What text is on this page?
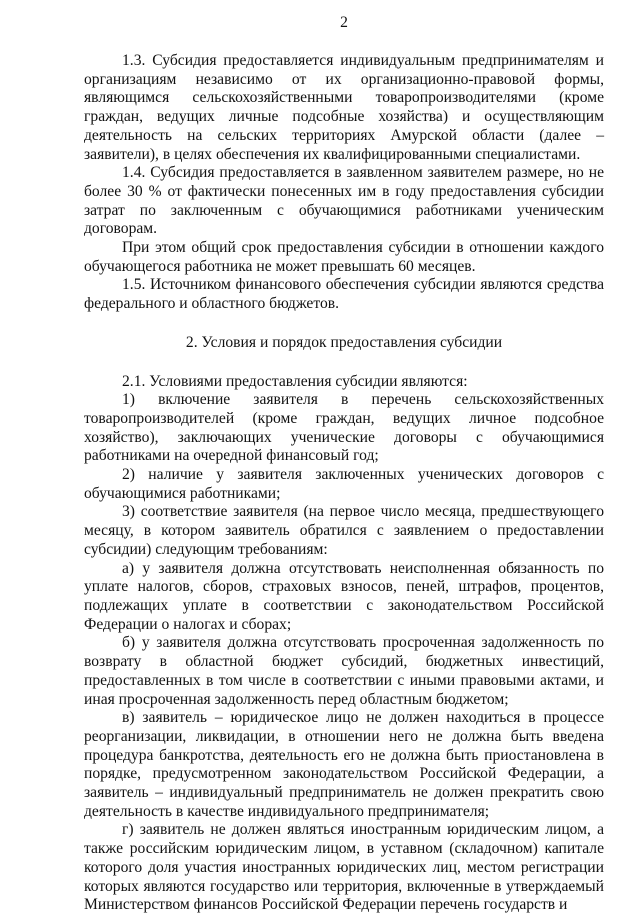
2

1.3. Субсидия предоставляется индивидуальным предпринимателям и организациям независимо от их организационно-правовой формы, являющимся сельскохозяйственными товаропроизводителями (кроме граждан, ведущих личные подсобные хозяйства) и осуществляющим деятельность на сельских территориях Амурской области (далее – заявители), в целях обеспечения их квалифицированными специалистами.

1.4. Субсидия предоставляется в заявленном заявителем размере, но не более 30 % от фактически понесенных им в году предоставления субсидии затрат по заключенным с обучающимися работниками ученическим договорам.

При этом общий срок предоставления субсидии в отношении каждого обучающегося работника не может превышать 60 месяцев.

1.5. Источником финансового обеспечения субсидии являются средства федерального и областного бюджетов.

2. Условия и порядок предоставления субсидии

2.1. Условиями предоставления субсидии являются:

1) включение заявителя в перечень сельскохозяйственных товаропроизводителей (кроме граждан, ведущих личное подсобное хозяйство), заключающих ученические договоры с обучающимися работниками на очередной финансовый год;

2) наличие у заявителя заключенных ученических договоров с обучающимися работниками;

3) соответствие заявителя (на первое число месяца, предшествующего месяцу, в котором заявитель обратился с заявлением о предоставлении субсидии) следующим требованиям:

а) у заявителя должна отсутствовать неисполненная обязанность по уплате налогов, сборов, страховых взносов, пеней, штрафов, процентов, подлежащих уплате в соответствии с законодательством Российской Федерации о налогах и сборах;

б) у заявителя должна отсутствовать просроченная задолженность по возврату в областной бюджет субсидий, бюджетных инвестиций, предоставленных в том числе в соответствии с иными правовыми актами, и иная просроченная задолженность перед областным бюджетом;

в) заявитель – юридическое лицо не должен находиться в процессе реорганизации, ликвидации, в отношении него не должна быть введена процедура банкротства, деятельность его не должна быть приостановлена в порядке, предусмотренном законодательством Российской Федерации, а заявитель – индивидуальный предприниматель не должен прекратить свою деятельность в качестве индивидуального предпринимателя;

г) заявитель не должен являться иностранным юридическим лицом, а также российским юридическим лицом, в уставном (складочном) капитале которого доля участия иностранных юридических лиц, местом регистрации которых являются государство или территория, включенные в утверждаемый Министерством финансов Российской Федерации перечень государств и
